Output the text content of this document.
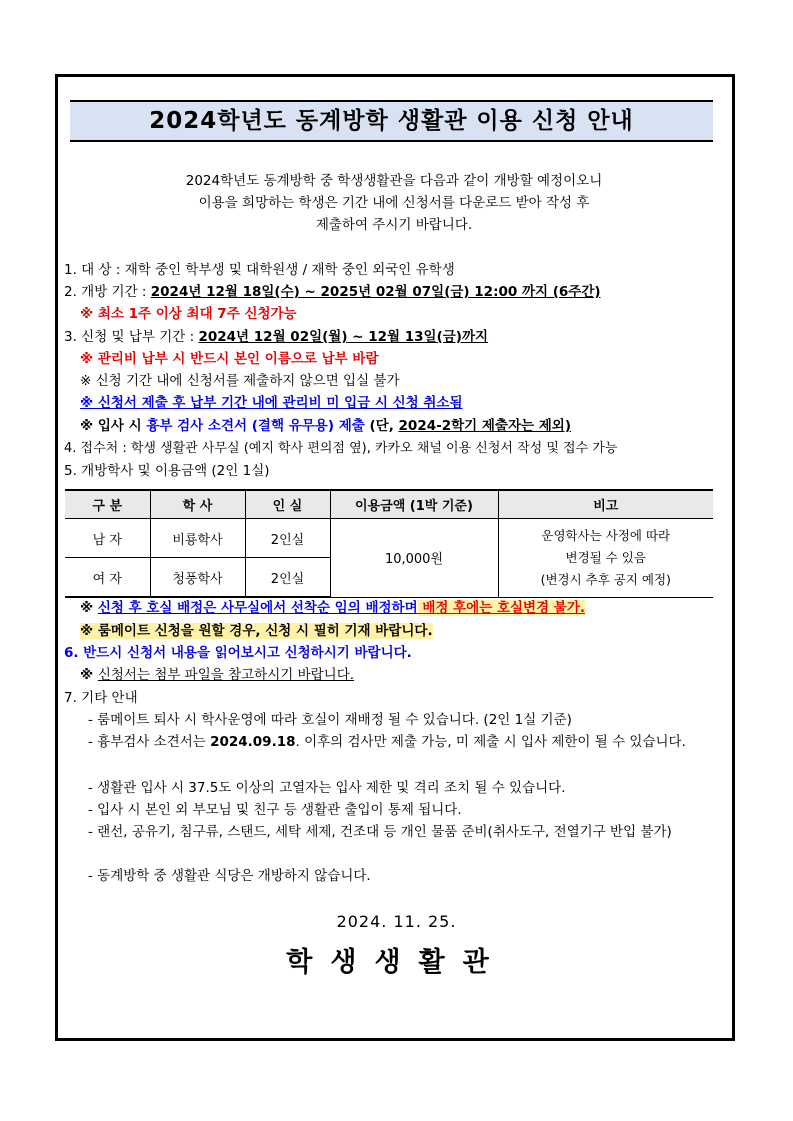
2024학년도 동계방학 생활관 이용 신청 안내
2024학년도 동계방학 중 학생생활관을 다음과 같이 개방할 예정이오니
이용을 희망하는 학생은 기간 내에 신청서를 다운로드 받아 작성 후
제출하여 주시기 바랍니다.
1. 대 상 : 재학 중인 학부생 및 대학원생 / 재학 중인 외국인 유학생
2. 개방 기간 : 2024년 12월 18일(수) ~ 2025년 02월 07일(금) 12:00 까지 (6주간)
※ 최소 1주 이상 최대 7주 신청가능
3. 신청 및 납부 기간 : 2024년 12월 02일(월) ~ 12월 13일(금)까지
※ 관리비 납부 시 반드시 본인 이름으로 납부 바람
※ 신청 기간 내에 신청서를 제출하지 않으면 입실 불가
※ 신청서 제출 후 납부 기간 내에 관리비 미 입금 시 신청 취소됨
※ 입사 시 흉부 검사 소견서 (결핵 유무용) 제출 (단, 2024-2학기 제출자는 제외)
4. 접수처 : 학생 생활관 사무실 (예지 학사 편의점 옆), 카카오 채널 이용 신청서 작성 및 접수 가능
5. 개방학사 및 이용금액 (2인 1실)
구 분	학 사	인 실	이용금액 (1박 기준)	비고
남 자	비룡학사	2인실	10,000원	운영학사는 사정에 따라
변경될 수 있음
(변경시 추후 공지 예정)

여 자	청풍학사	2인실		
※ 신청 후 호실 배정은 사무실에서 선착순 임의 배정하며 배정 후에는 호실변경 불가.
※ 룸메이트 신청을 원할 경우, 신청 시 필히 기재 바랍니다.
6. 반드시 신청서 내용을 읽어보시고 신청하시기 바랍니다.
※ 신청서는 첨부 파일을 참고하시기 바랍니다.
7. 기타 안내
- 룸메이트 퇴사 시 학사운영에 따라 호실이 재배정 될 수 있습니다. (2인 1실 기준)
- 흉부검사 소견서는 2024.09.18. 이후의 검사만 제출 가능, 미 제출 시 입사 제한이 될 수 있습니다.
- 생활관 입사 시 37.5도 이상의 고열자는 입사 제한 및 격리 조치 될 수 있습니다.
- 입사 시 본인 외 부모님 및 친구 등 생활관 출입이 통제 됩니다.
- 랜선, 공유기, 침구류, 스탠드, 세탁 세제, 건조대 등 개인 물품 준비(취사도구, 전열기구 반입 불가)
- 동계방학 중 생활관 식당은 개방하지 않습니다.
2024. 11. 25.
학생생활관
